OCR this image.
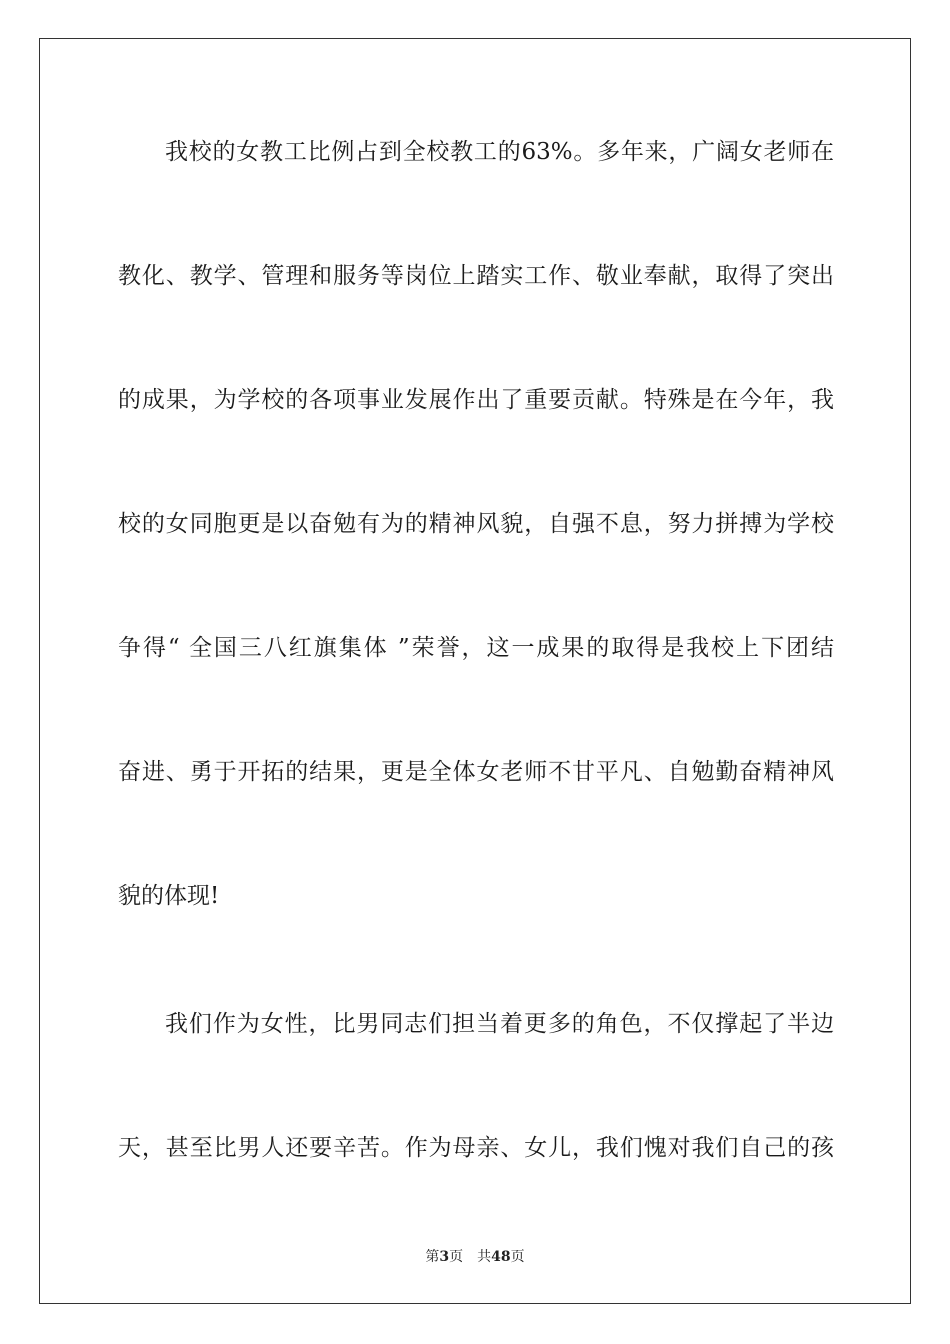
我校的女教工比例占到全校教工的63%。多年来，广阔女老师在
教化、教学、管理和服务等岗位上踏实工作、敬业奉献，取得了突出
的成果，为学校的各项事业发展作出了重要贡献。特殊是在今年，我
校的女同胞更是以奋勉有为的精神风貌，自强不息，努力拼搏为学校
争得“ 全国三八红旗集体 ”荣誉，这一成果的取得是我校上下团结
奋进、勇于开拓的结果，更是全体女老师不甘平凡、自勉勤奋精神风
貌的体现!
我们作为女性，比男同志们担当着更多的角色，不仅撑起了半边
天，甚至比男人还要辛苦。作为母亲、女儿，我们愧对我们自己的孩
第3页 共48页
